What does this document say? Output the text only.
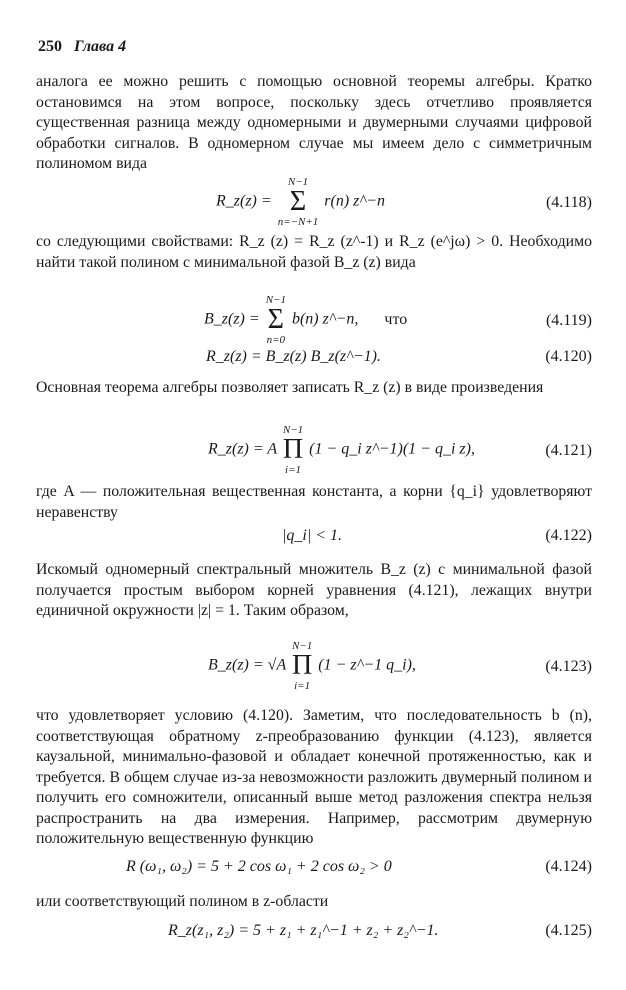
250 Глава 4

аналога ее можно решить с помощью основной теоремы алгебры. Кратко остановимся на этом вопросе, поскольку здесь отчетливо проявляется существенная разница между одномерными и двумерными случаями цифровой обработки сигналов. В одномерном случае мы имеем дело с симметричным полиномом вида

R_z(z) =
N−1
Σ
n=−N+1
r(n) z^−n	(4.118)

со следующими свойствами: R_z (z) = R_z (z^-1) и R_z (e^jω) > 0. Необходимо найти такой полином с минимальной фазой B_z (z) вида

B_z(z) =
N−1
Σ
n=0
b(n) z^−n, что	(4.119)
R_z(z) = B_z(z) B_z(z^−1).	(4.120)

Основная теорема алгебры позволяет записать R_z (z) в виде произведения

R_z(z) = A
N−1
Π
i=1
(1 − q_i z^−1)(1 − q_i z),	(4.121)

где A — положительная вещественная константа, а корни {q_i} удовлетворяют неравенству

|q_i| < 1.	(4.122)

Искомый одномерный спектральный множитель B_z (z) с минимальной фазой получается простым выбором корней уравнения (4.121), лежащих внутри единичной окружности |z| = 1. Таким образом,

B_z(z) = √A
N−1
Π
i=1
(1 − z^−1 q_i),	(4.123)

что удовлетворяет условию (4.120). Заметим, что последовательность b (n), соответствующая обратному z-преобразованию функции (4.123), является каузальной, минимально-фазовой и обладает конечной протяженностью, как и требуется. В общем случае из-за невозможности разложить двумерный полином и получить его сомножители, описанный выше метод разложения спектра нельзя распространить на два измерения. Например, рассмотрим двумерную положительную вещественную функцию

R (ω₁, ω₂) = 5 + 2 cos ω₁ + 2 cos ω₂ > 0	(4.124)

или соответствующий полином в z-области

R_z(z₁, z₂) = 5 + z₁ + z₁^−1 + z₂ + z₂^−1.	(4.125)
